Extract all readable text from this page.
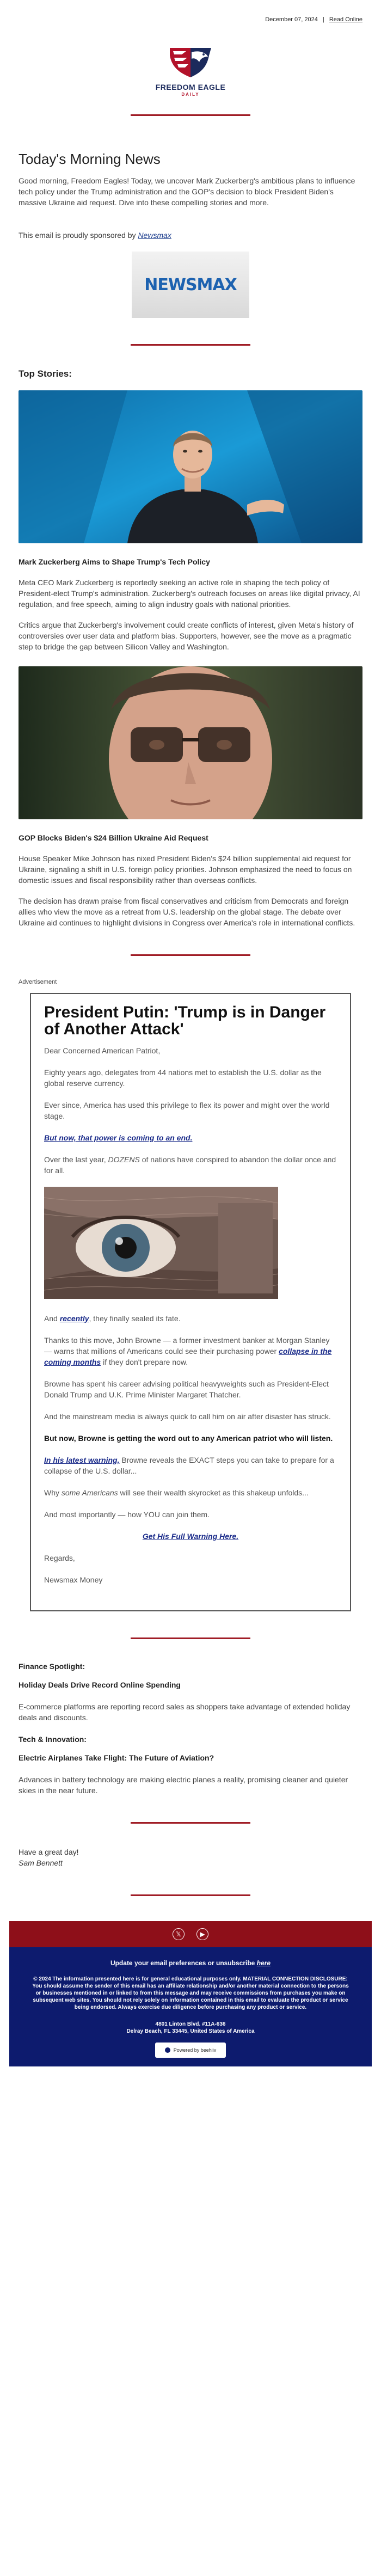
December 07, 2024 | Read Online
FREEDOM EAGLE
DAILY
Today's Morning News

Good morning, Freedom Eagles! Today, we uncover Mark Zuckerberg's ambitious plans to influence tech policy under the Trump administration and the GOP's decision to block President Biden's massive Ukraine aid request. Dive into these compelling stories and more.

This email is proudly sponsored by Newsmax
NEWSMAX
Top Stories:
Mark Zuckerberg Aims to Shape Trump's Tech Policy

Meta CEO Mark Zuckerberg is reportedly seeking an active role in shaping the tech policy of President-elect Trump's administration. Zuckerberg's outreach focuses on areas like digital privacy, AI regulation, and free speech, aiming to align industry goals with national priorities.

Critics argue that Zuckerberg's involvement could create conflicts of interest, given Meta's history of controversies over user data and platform bias. Supporters, however, see the move as a pragmatic step to bridge the gap between Silicon Valley and Washington.

GOP Blocks Biden's $24 Billion Ukraine Aid Request

House Speaker Mike Johnson has nixed President Biden's $24 billion supplemental aid request for Ukraine, signaling a shift in U.S. foreign policy priorities. Johnson emphasized the need to focus on domestic issues and fiscal responsibility rather than overseas conflicts.

The decision has drawn praise from fiscal conservatives and criticism from Democrats and foreign allies who view the move as a retreat from U.S. leadership on the global stage. The debate over Ukraine aid continues to highlight divisions in Congress over America's role in international conflicts.

Advertisement
President Putin: 'Trump is in Danger of Another Attack'

Dear Concerned American Patriot,

Eighty years ago, delegates from 44 nations met to establish the U.S. dollar as the global reserve currency.

Ever since, America has used this privilege to flex its power and might over the world stage.

But now, that power is coming to an end.

Over the last year, DOZENS of nations have conspired to abandon the dollar once and for all.

And recently, they finally sealed its fate.

Thanks to this move, John Browne — a former investment banker at Morgan Stanley — warns that millions of Americans could see their purchasing power collapse in the coming months if they don't prepare now.

Browne has spent his career advising political heavyweights such as President-Elect Donald Trump and U.K. Prime Minister Margaret Thatcher.

And the mainstream media is always quick to call him on air after disaster has struck.

But now, Browne is getting the word out to any American patriot who will listen.

In his latest warning, Browne reveals the EXACT steps you can take to prepare for a collapse of the U.S. dollar...

Why some Americans will see their wealth skyrocket as this shakeup unfolds...

And most importantly — how YOU can join them.

Get His Full Warning Here.

Regards,

Newsmax Money

Finance Spotlight:
Holiday Deals Drive Record Online Spending

E-commerce platforms are reporting record sales as shoppers take advantage of extended holiday deals and discounts.

Tech & Innovation:
Electric Airplanes Take Flight: The Future of Aviation?

Advances in battery technology are making electric planes a reality, promising cleaner and quieter skies in the near future.

Have a great day!
Sam Bennett
𝕏	▶
Update your email preferences or unsubscribe here
© 2024 The information presented here is for general educational purposes only. MATERIAL CONNECTION DISCLOSURE: You should assume the sender of this email has an affiliate relationship and/or another material connection to the persons or businesses mentioned in or linked to from this message and may receive commissions from purchases you make on subsequent web sites. You should not rely solely on information contained in this email to evaluate the product or service being endorsed. Always exercise due diligence before purchasing any product or service.
4801 Linton Blvd. #11A-636
Delray Beach, FL 33445, United States of America
Powered by beehiiv
